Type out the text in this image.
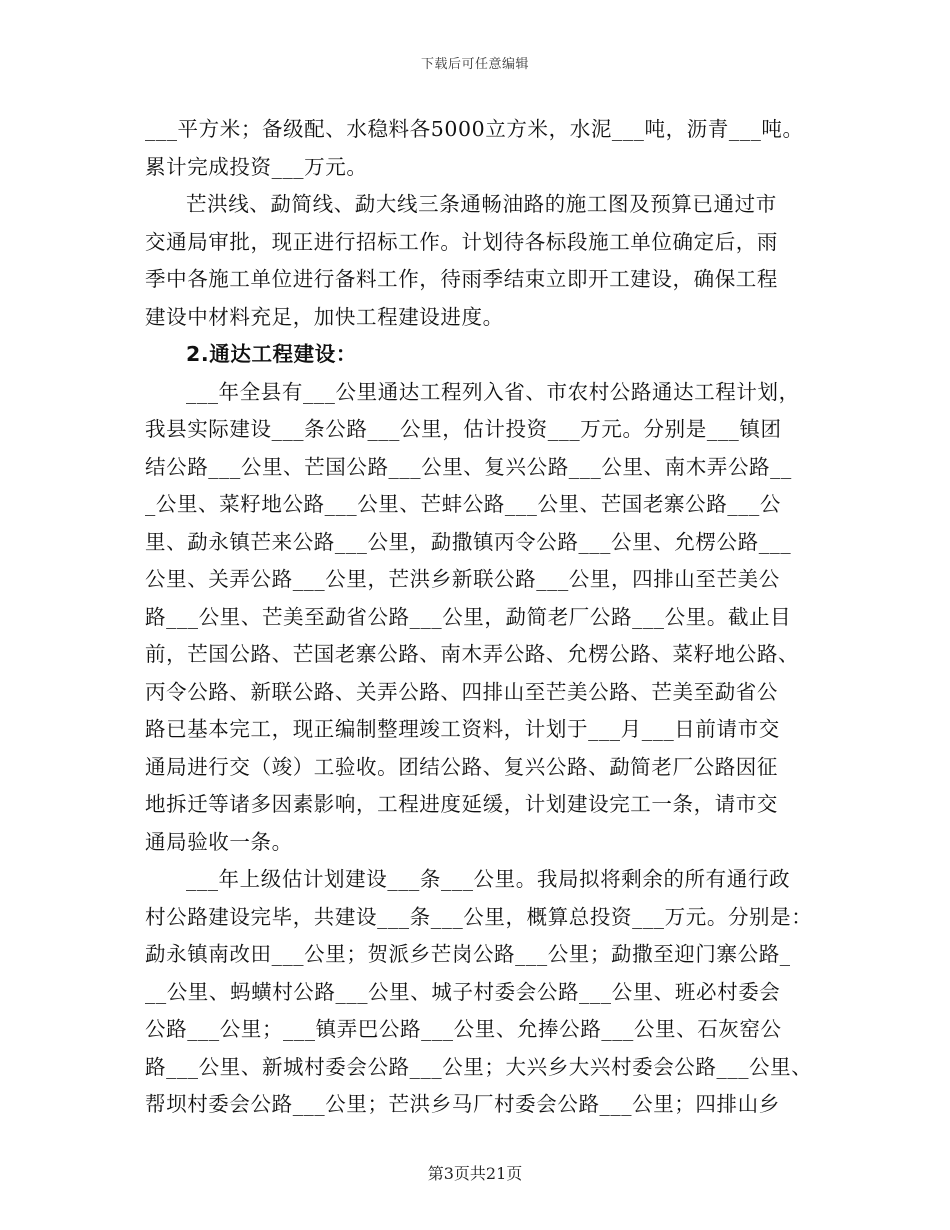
下载后可任意编辑
___平方米；备级配、水稳料各5000立方米，水泥___吨，沥青___吨。
累计完成投资___万元。
芒洪线、勐简线、勐大线三条通畅油路的施工图及预算已通过市
交通局审批，现正进行招标工作。计划待各标段施工单位确定后，雨
季中各施工单位进行备料工作，待雨季结束立即开工建设，确保工程
建设中材料充足，加快工程建设进度。
2.通达工程建设：
___年全县有___公里通达工程列入省、市农村公路通达工程计划，
我县实际建设___条公路___公里，估计投资___万元。分别是___镇团
结公路___公里、芒国公路___公里、复兴公路___公里、南木弄公路__
_公里、菜籽地公路___公里、芒蚌公路___公里、芒国老寨公路___公
里、勐永镇芒来公路___公里，勐撒镇丙令公路___公里、允楞公路___
公里、关弄公路___公里，芒洪乡新联公路___公里，四排山至芒美公
路___公里、芒美至勐省公路___公里，勐简老厂公路___公里。截止目
前，芒国公路、芒国老寨公路、南木弄公路、允楞公路、菜籽地公路、
丙令公路、新联公路、关弄公路、四排山至芒美公路、芒美至勐省公
路已基本完工，现正编制整理竣工资料，计划于___月___日前请市交
通局进行交（竣）工验收。团结公路、复兴公路、勐简老厂公路因征
地拆迁等诸多因素影响，工程进度延缓，计划建设完工一条，请市交
通局验收一条。
___年上级估计划建设___条___公里。我局拟将剩余的所有通行政
村公路建设完毕，共建设___条___公里，概算总投资___万元。分别是：
勐永镇南改田___公里；贺派乡芒岗公路___公里；勐撒至迎门寨公路_
__公里、蚂蟥村公路___公里、城子村委会公路___公里、班必村委会
公路___公里；___镇弄巴公路___公里、允捧公路___公里、石灰窑公
路___公里、新城村委会公路___公里；大兴乡大兴村委会公路___公里、
帮坝村委会公路___公里；芒洪乡马厂村委会公路___公里；四排山乡
第3页共21页
